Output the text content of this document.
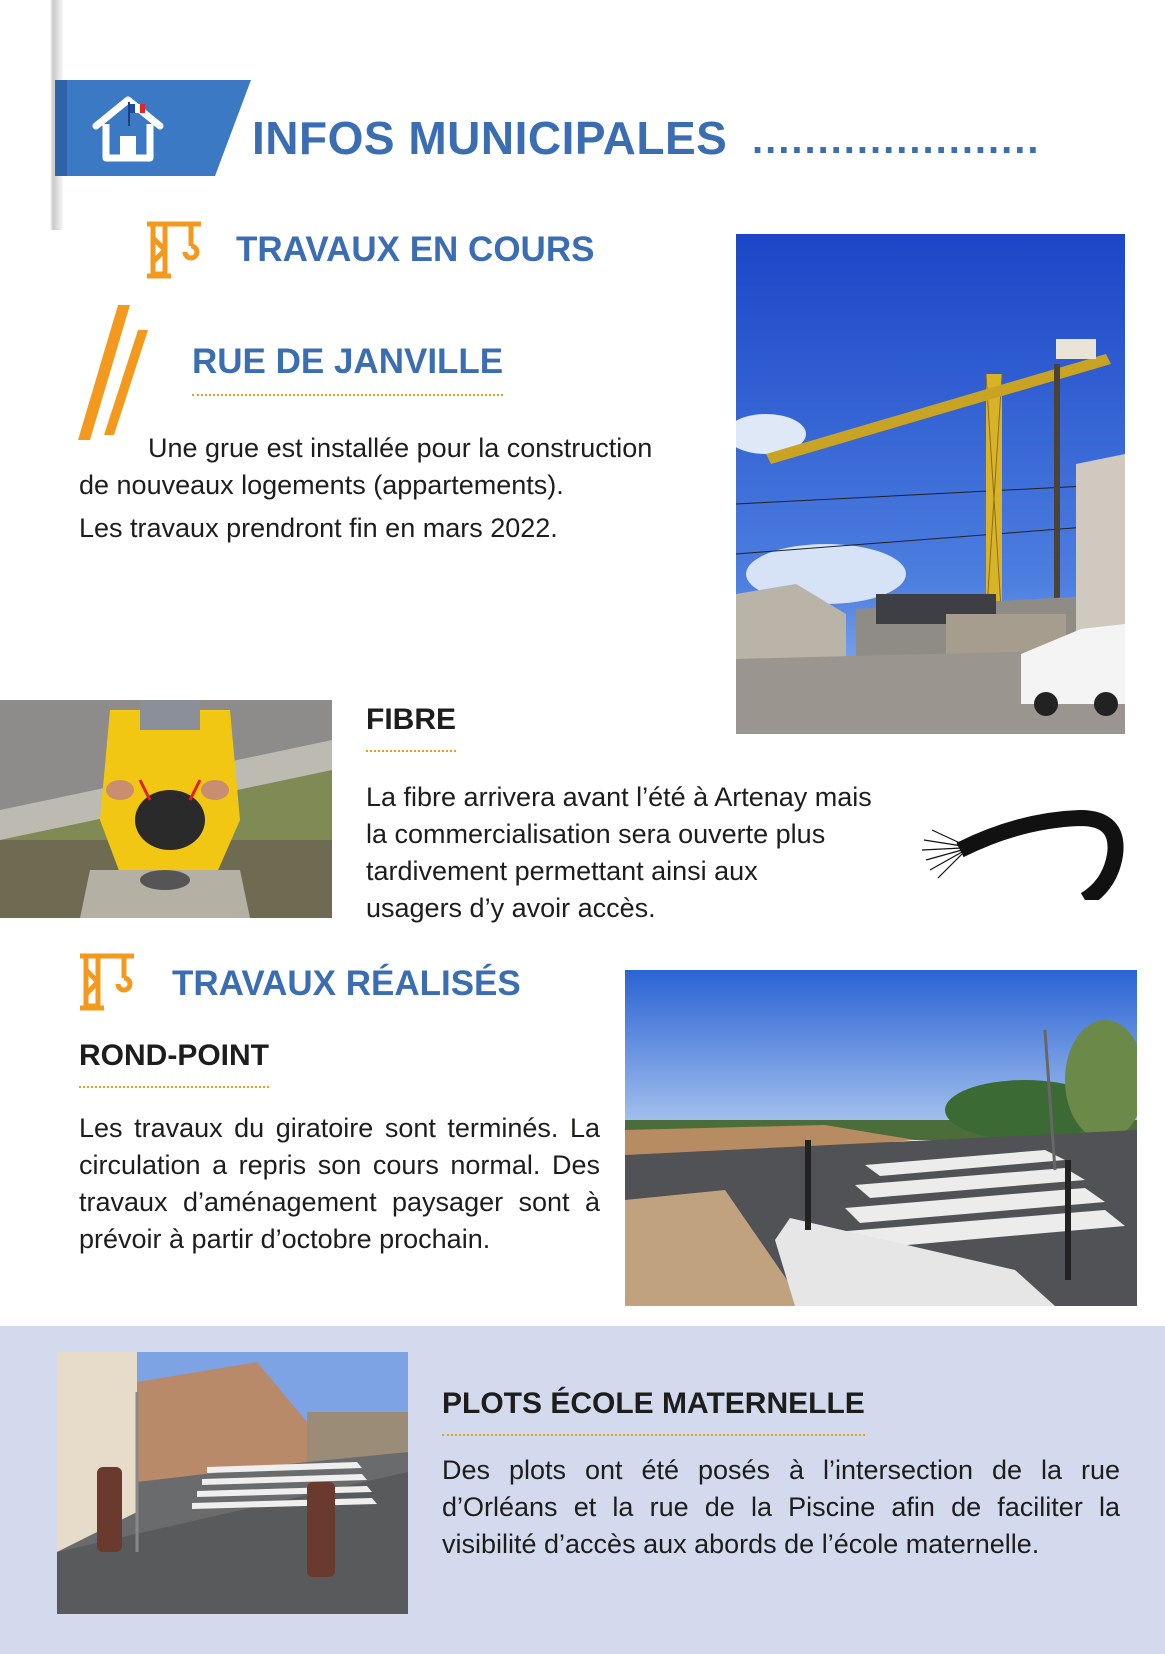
INFOS MUNICIPALES ......................
TRAVAUX EN COURS
RUE DE JANVILLE
Une grue est installée pour la construction
de nouveaux logements (appartements).
Les travaux prendront fin en mars 2022.
FIBRE
La fibre arrivera avant l’été à Artenay mais
la commercialisation sera ouverte plus
tardivement permettant ainsi aux
usagers d’y avoir accès.
TRAVAUX RÉALISÉS
ROND-POINT
Les travaux du giratoire sont terminés. La circulation a repris son cours normal. Des travaux d’aménagement paysager sont à prévoir à partir d’octobre prochain.
PLOTS ÉCOLE MATERNELLE
Des plots ont été posés à l’intersection de la rue d’Orléans et la rue de la Piscine afin de faciliter la visibilité d’accès aux abords de l’école maternelle.
